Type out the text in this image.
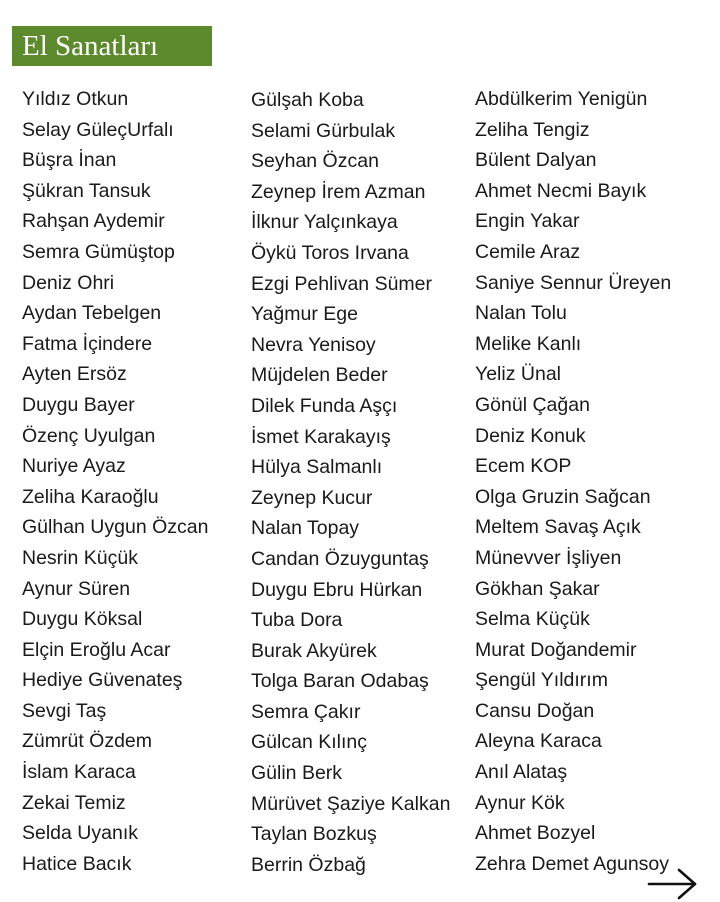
El Sanatları
Yıldız Otkun
Selay GüleçUrfalı
Büşra İnan
Şükran Tansuk
Rahşan Aydemir
Semra Gümüştop
Deniz Ohri
Aydan Tebelgen
Fatma İçindere
Ayten Ersöz
Duygu Bayer
Özenç Uyulgan
Nuriye Ayaz
Zeliha Karaoğlu
Gülhan Uygun Özcan
Nesrin Küçük
Aynur Süren
Duygu Köksal
Elçin Eroğlu Acar
Hediye Güvenateş
Sevgi Taş
Zümrüt Özdem
İslam Karaca
Zekai Temiz
Selda Uyanık
Hatice Bacık
Gülşah Koba
Selami Gürbulak
Seyhan Özcan
Zeynep İrem Azman
İlknur Yalçınkaya
Öykü Toros Irvana
Ezgi Pehlivan Sümer
Yağmur Ege
Nevra Yenisoy
Müjdelen Beder
Dilek Funda Aşçı
İsmet Karakayış
Hülya Salmanlı
Zeynep Kucur
Nalan Topay
Candan Özuyguntaş
Duygu Ebru Hürkan
Tuba Dora
Burak Akyürek
Tolga Baran Odabaş
Semra Çakır
Gülcan Kılınç
Gülin Berk
Mürüvet Şaziye Kalkan
Taylan Bozkuş
Berrin Özbağ
Abdülkerim Yenigün
Zeliha Tengiz
Bülent Dalyan
Ahmet Necmi Bayık
Engin Yakar
Cemile Araz
Saniye Sennur Üreyen
Nalan Tolu
Melike Kanlı
Yeliz Ünal
Gönül Çağan
Deniz Konuk
Ecem KOP
Olga Gruzin Sağcan
Meltem Savaş Açık
Münevver İşliyen
Gökhan Şakar
Selma Küçük
Murat Doğandemir
Şengül Yıldırım
Cansu Doğan
Aleyna Karaca
Anıl Alataş
Aynur Kök
Ahmet Bozyel
Zehra Demet Agunsoy
